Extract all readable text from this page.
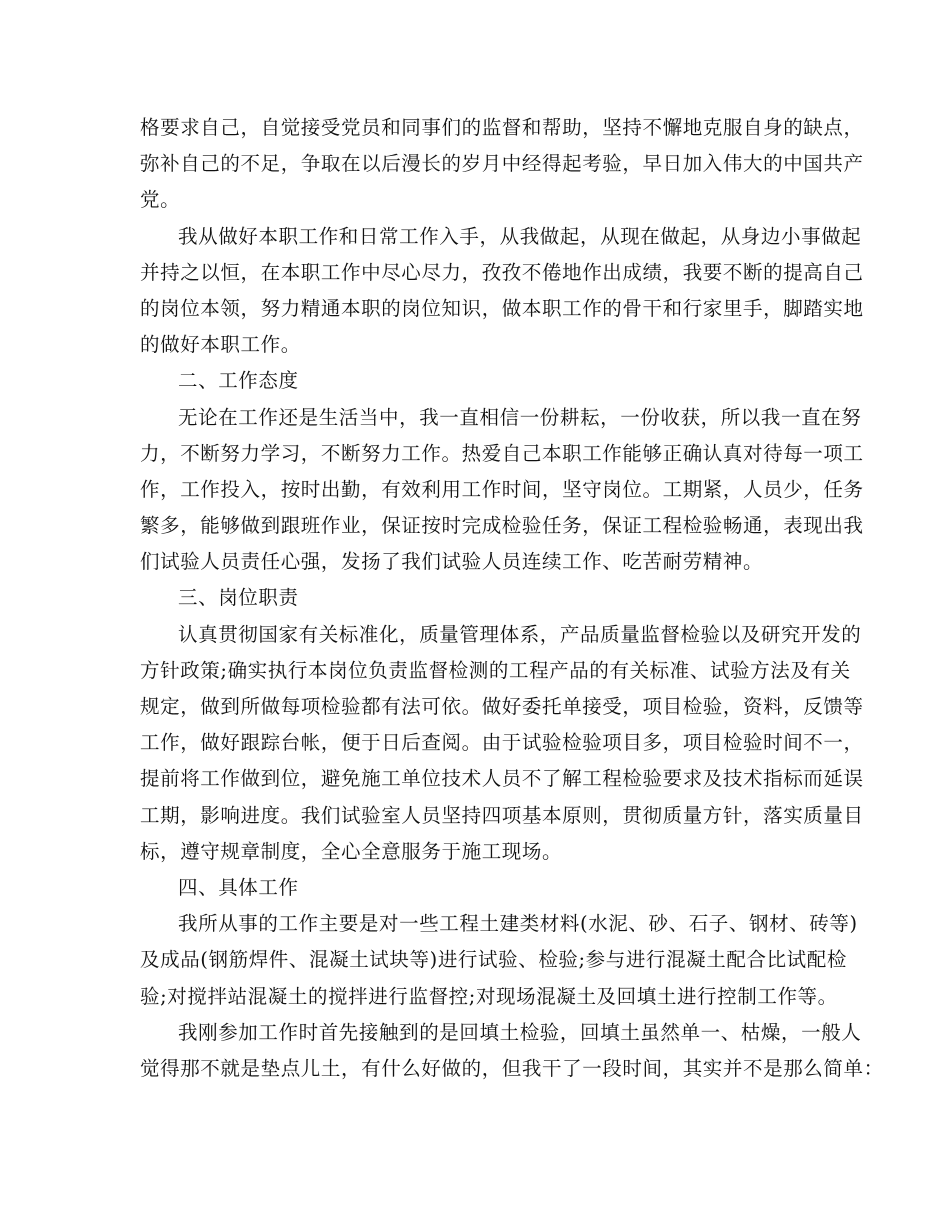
格要求自己，自觉接受党员和同事们的监督和帮助，坚持不懈地克服自身的缺点，
弥补自己的不足，争取在以后漫长的岁月中经得起考验，早日加入伟大的中国共产
党。
我从做好本职工作和日常工作入手，从我做起，从现在做起，从身边小事做起
并持之以恒，在本职工作中尽心尽力，孜孜不倦地作出成绩，我要不断的提高自己
的岗位本领，努力精通本职的岗位知识，做本职工作的骨干和行家里手，脚踏实地
的做好本职工作。
二、工作态度
无论在工作还是生活当中，我一直相信一份耕耘，一份收获，所以我一直在努
力，不断努力学习，不断努力工作。热爱自己本职工作能够正确认真对待每一项工
作，工作投入，按时出勤，有效利用工作时间，坚守岗位。工期紧，人员少，任务
繁多，能够做到跟班作业，保证按时完成检验任务，保证工程检验畅通，表现出我
们试验人员责任心强，发扬了我们试验人员连续工作、吃苦耐劳精神。
三、岗位职责
认真贯彻国家有关标准化，质量管理体系，产品质量监督检验以及研究开发的
方针政策;确实执行本岗位负责监督检测的工程产品的有关标准、试验方法及有关
规定，做到所做每项检验都有法可依。做好委托单接受，项目检验，资料，反馈等
工作，做好跟踪台帐，便于日后查阅。由于试验检验项目多，项目检验时间不一，
提前将工作做到位，避免施工单位技术人员不了解工程检验要求及技术指标而延误
工期，影响进度。我们试验室人员坚持四项基本原则，贯彻质量方针，落实质量目
标，遵守规章制度，全心全意服务于施工现场。
四、具体工作
我所从事的工作主要是对一些工程土建类材料(水泥、砂、石子、钢材、砖等)
及成品(钢筋焊件、混凝土试块等)进行试验、检验;参与进行混凝土配合比试配检
验;对搅拌站混凝土的搅拌进行监督控;对现场混凝土及回填土进行控制工作等。
我刚参加工作时首先接触到的是回填土检验，回填土虽然单一、枯燥，一般人
觉得那不就是垫点儿土，有什么好做的，但我干了一段时间，其实并不是那么简单：
